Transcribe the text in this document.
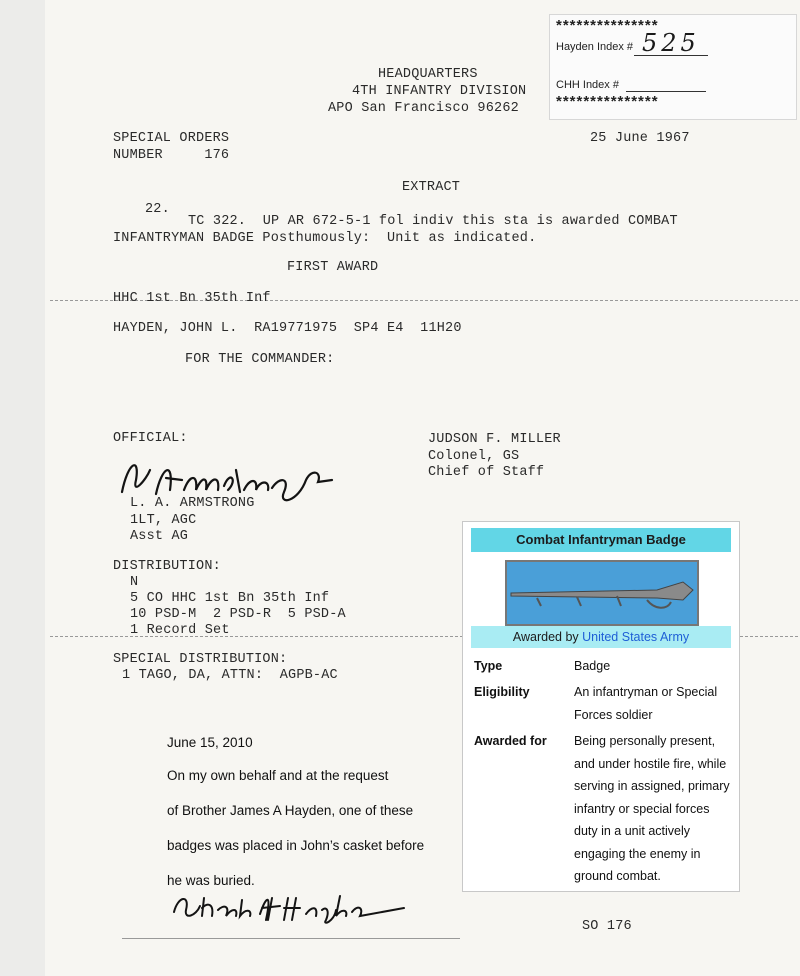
***************
Hayden Index # 525
CHH Index #
***************
HEADQUARTERS
4TH INFANTRY DIVISION
APO San Francisco 96262
SPECIAL ORDERS
NUMBER     176
25 June 1967
EXTRACT
22.
TC 322.  UP AR 672-5-1 fol indiv this sta is awarded COMBAT
INFANTRYMAN BADGE Posthumously:  Unit as indicated.
FIRST AWARD
HHC 1st Bn 35th Inf
HAYDEN, JOHN L.  RA19771975  SP4 E4  11H20
FOR THE COMMANDER:
OFFICIAL:
L. A. ARMSTRONG
1LT, AGC
Asst AG
JUDSON F. MILLER
Colonel, GS
Chief of Staff
DISTRIBUTION:
N
5 CO HHC 1st Bn 35th Inf
10 PSD-M  2 PSD-R  5 PSD-A
1 Record Set
SPECIAL DISTRIBUTION:
1 TAGO, DA, ATTN:  AGPB-AC
Combat Infantryman Badge
Awarded by United States Army
Type	Badge
Eligibility	An infantryman or Special Forces soldier
Awarded for Being personally present, and under hostile fire, while serving in assigned, primary infantry or special forces duty in a unit actively engaging the enemy in ground combat.
June 15, 2010
On my own behalf and at the request
of Brother James A Hayden, one of these
badges was placed in John’s casket before
he was buried.
SO 176
